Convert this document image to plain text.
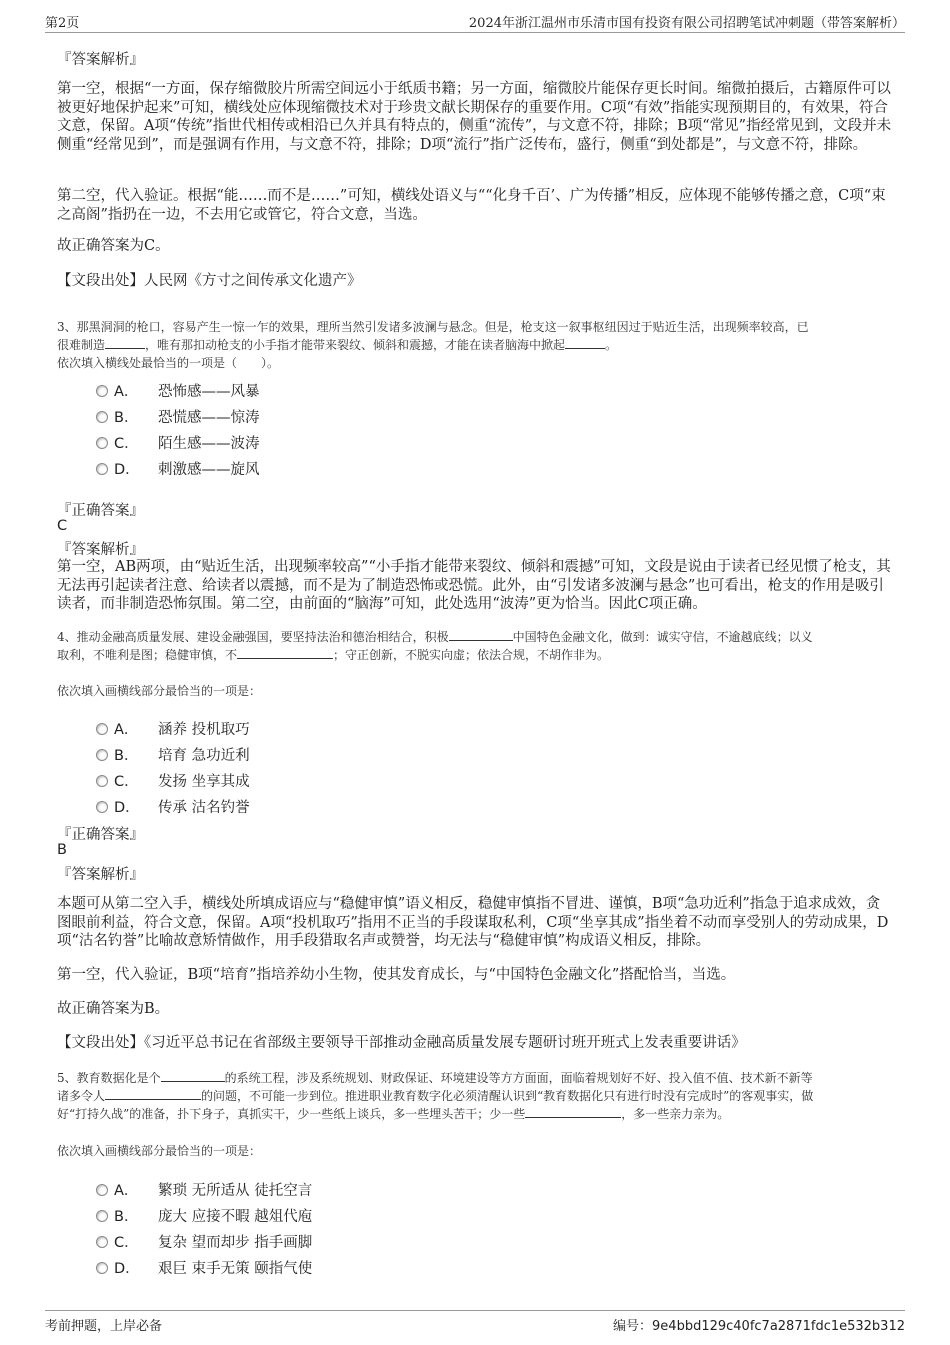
第2页	2024年浙江温州市乐清市国有投资有限公司招聘笔试冲刺题（带答案解析）
『答案解析』
第一空，根据“一方面，保存缩微胶片所需空间远小于纸质书籍；另一方面，缩微胶片能保存更长时间。缩微拍摄后，古籍原件可以被更好地保护起来”可知，横线处应体现缩微技术对于珍贵文献长期保存的重要作用。C项“有效”指能实现预期目的，有效果，符合文意，保留。A项“传统”指世代相传或相沿已久并具有特点的，侧重“流传”，与文意不符，排除；B项“常见”指经常见到，文段并未侧重“经常见到”，而是强调有作用，与文意不符，排除；D项“流行”指广泛传布，盛行，侧重“到处都是”，与文意不符，排除。
第二空，代入验证。根据“能……而不是……”可知，横线处语义与““化身千百’、广为传播”相反，应体现不能够传播之意，C项“束之高阁”指扔在一边，不去用它或管它，符合文意，当选。
故正确答案为C。
【文段出处】人民网《方寸之间传承文化遗产》
3、那黑洞洞的枪口，容易产生一惊一乍的效果，理所当然引发诸多波澜与悬念。但是，枪支这一叙事枢纽因过于贴近生活，出现频率较高，已
很难制造	，唯有那扣动枪支的小手指才能带来裂纹、倾斜和震撼，才能在读者脑海中掀起	。
依次填入横线处最恰当的一项是（　　）。
A． 恐怖感——风暴
B． 恐慌感——惊涛
C． 陌生感——波涛
D． 刺激感——旋风
『正确答案』
C
『答案解析』
第一空，AB两项，由“贴近生活，出现频率较高”“小手指才能带来裂纹、倾斜和震撼”可知，文段是说由于读者已经见惯了枪支，其无法再引起读者注意、给读者以震撼，而不是为了制造恐怖或恐慌。此外，由“引发诸多波澜与悬念”也可看出，枪支的作用是吸引读者，而非制造恐怖氛围。第二空，由前面的“脑海”可知，此处选用“波涛”更为恰当。因此C项正确。
4、推动金融高质量发展、建设金融强国，要坚持法治和德治相结合，积极	中国特色金融文化，做到：诚实守信，不逾越底线；以义
取利，不唯利是图；稳健审慎，不	；守正创新，不脱实向虚；依法合规，不胡作非为。
依次填入画横线部分最恰当的一项是：
A． 涵养 投机取巧
B． 培育 急功近利
C． 发扬 坐享其成
D． 传承 沽名钓誉
『正确答案』
B
『答案解析』
本题可从第二空入手，横线处所填成语应与“稳健审慎”语义相反，稳健审慎指不冒进、谨慎，B项“急功近利”指急于追求成效，贪图眼前利益，符合文意，保留。A项“投机取巧”指用不正当的手段谋取私利，C项“坐享其成”指坐着不动而享受别人的劳动成果，D项“沽名钓誉”比喻故意矫情做作，用手段猎取名声或赞誉，均无法与“稳健审慎”构成语义相反，排除。
第一空，代入验证，B项“培育”指培养幼小生物，使其发育成长，与“中国特色金融文化”搭配恰当，当选。
故正确答案为B。
【文段出处】《习近平总书记在省部级主要领导干部推动金融高质量发展专题研讨班开班式上发表重要讲话》
5、教育数据化是个	的系统工程，涉及系统规划、财政保证、环境建设等方方面面，面临着规划好不好、投入值不值、技术新不新等
诸多令人	的问题，不可能一步到位。推进职业教育数字化必须清醒认识到“教育数据化只有进行时没有完成时”的客观事实，做
好“打持久战”的准备，扑下身子，真抓实干，少一些纸上谈兵，多一些埋头苦干；少一些	，多一些亲力亲为。
依次填入画横线部分最恰当的一项是：
A． 繁琐 无所适从 徒托空言
B． 庞大 应接不暇 越俎代庖
C． 复杂 望而却步 指手画脚
D． 艰巨 束手无策 颐指气使
考前押题，上岸必备	编号：9e4bbd129c40fc7a2871fdc1e532b312
